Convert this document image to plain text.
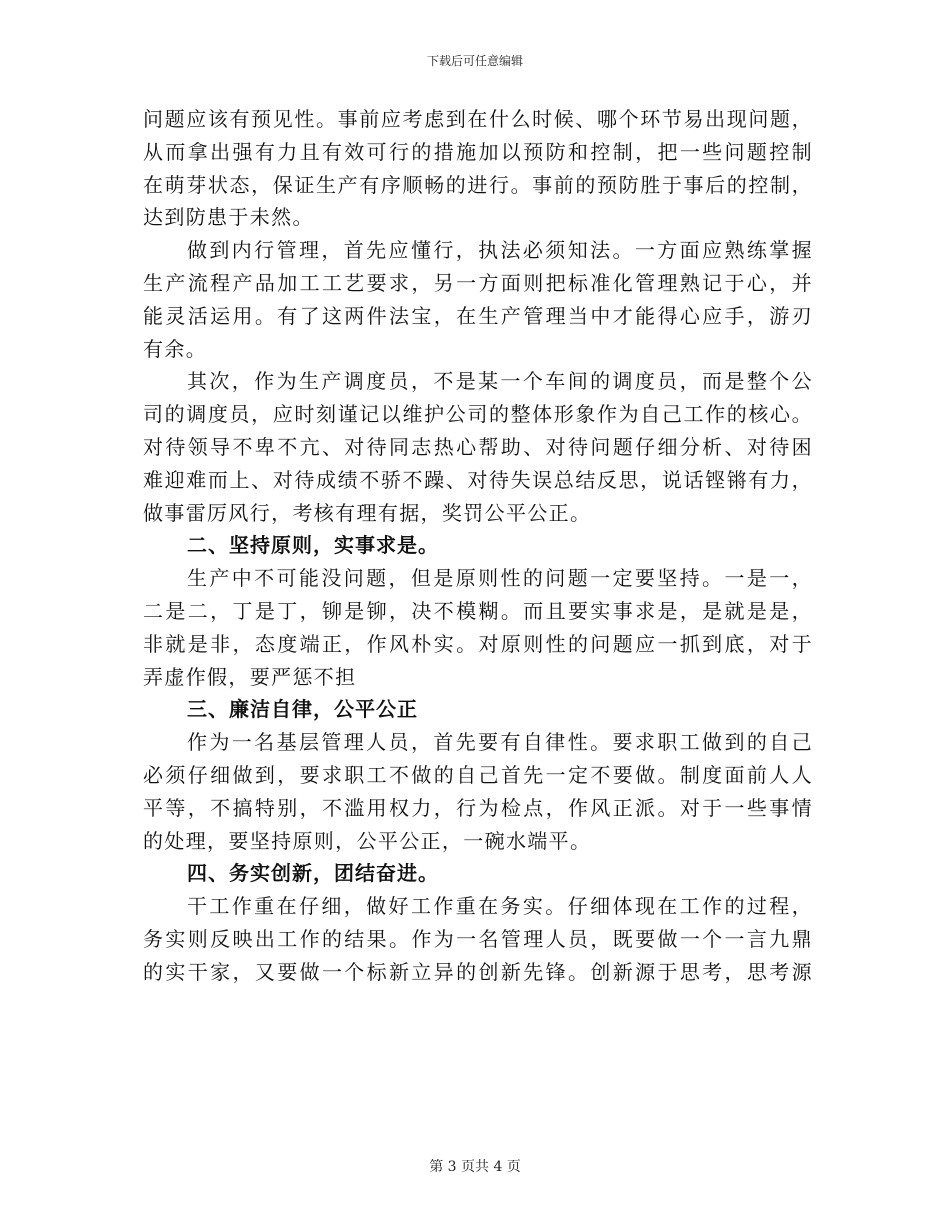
下载后可任意编辑
问题应该有预见性。事前应考虑到在什么时候、哪个环节易出现问题，
从而拿出强有力且有效可行的措施加以预防和控制，把一些问题控制
在萌芽状态，保证生产有序顺畅的进行。事前的预防胜于事后的控制，
达到防患于未然。
做到内行管理，首先应懂行，执法必须知法。一方面应熟练掌握
生产流程产品加工工艺要求，另一方面则把标准化管理熟记于心，并
能灵活运用。有了这两件法宝，在生产管理当中才能得心应手，游刃
有余。
其次，作为生产调度员，不是某一个车间的调度员，而是整个公
司的调度员，应时刻谨记以维护公司的整体形象作为自己工作的核心。
对待领导不卑不亢、对待同志热心帮助、对待问题仔细分析、对待困
难迎难而上、对待成绩不骄不躁、对待失误总结反思，说话铿锵有力，
做事雷厉风行，考核有理有据，奖罚公平公正。
二、坚持原则，实事求是。
生产中不可能没问题，但是原则性的问题一定要坚持。一是一，
二是二，丁是丁，铆是铆，决不模糊。而且要实事求是，是就是是，
非就是非，态度端正，作风朴实。对原则性的问题应一抓到底，对于
弄虚作假，要严惩不担
三、廉洁自律，公平公正
作为一名基层管理人员，首先要有自律性。要求职工做到的自己
必须仔细做到，要求职工不做的自己首先一定不要做。制度面前人人
平等，不搞特别，不滥用权力，行为检点，作风正派。对于一些事情
的处理，要坚持原则，公平公正，一碗水端平。
四、务实创新，团结奋进。
干工作重在仔细，做好工作重在务实。仔细体现在工作的过程，
务实则反映出工作的结果。作为一名管理人员，既要做一个一言九鼎
的实干家，又要做一个标新立异的创新先锋。创新源于思考，思考源
第 3 页共 4 页
